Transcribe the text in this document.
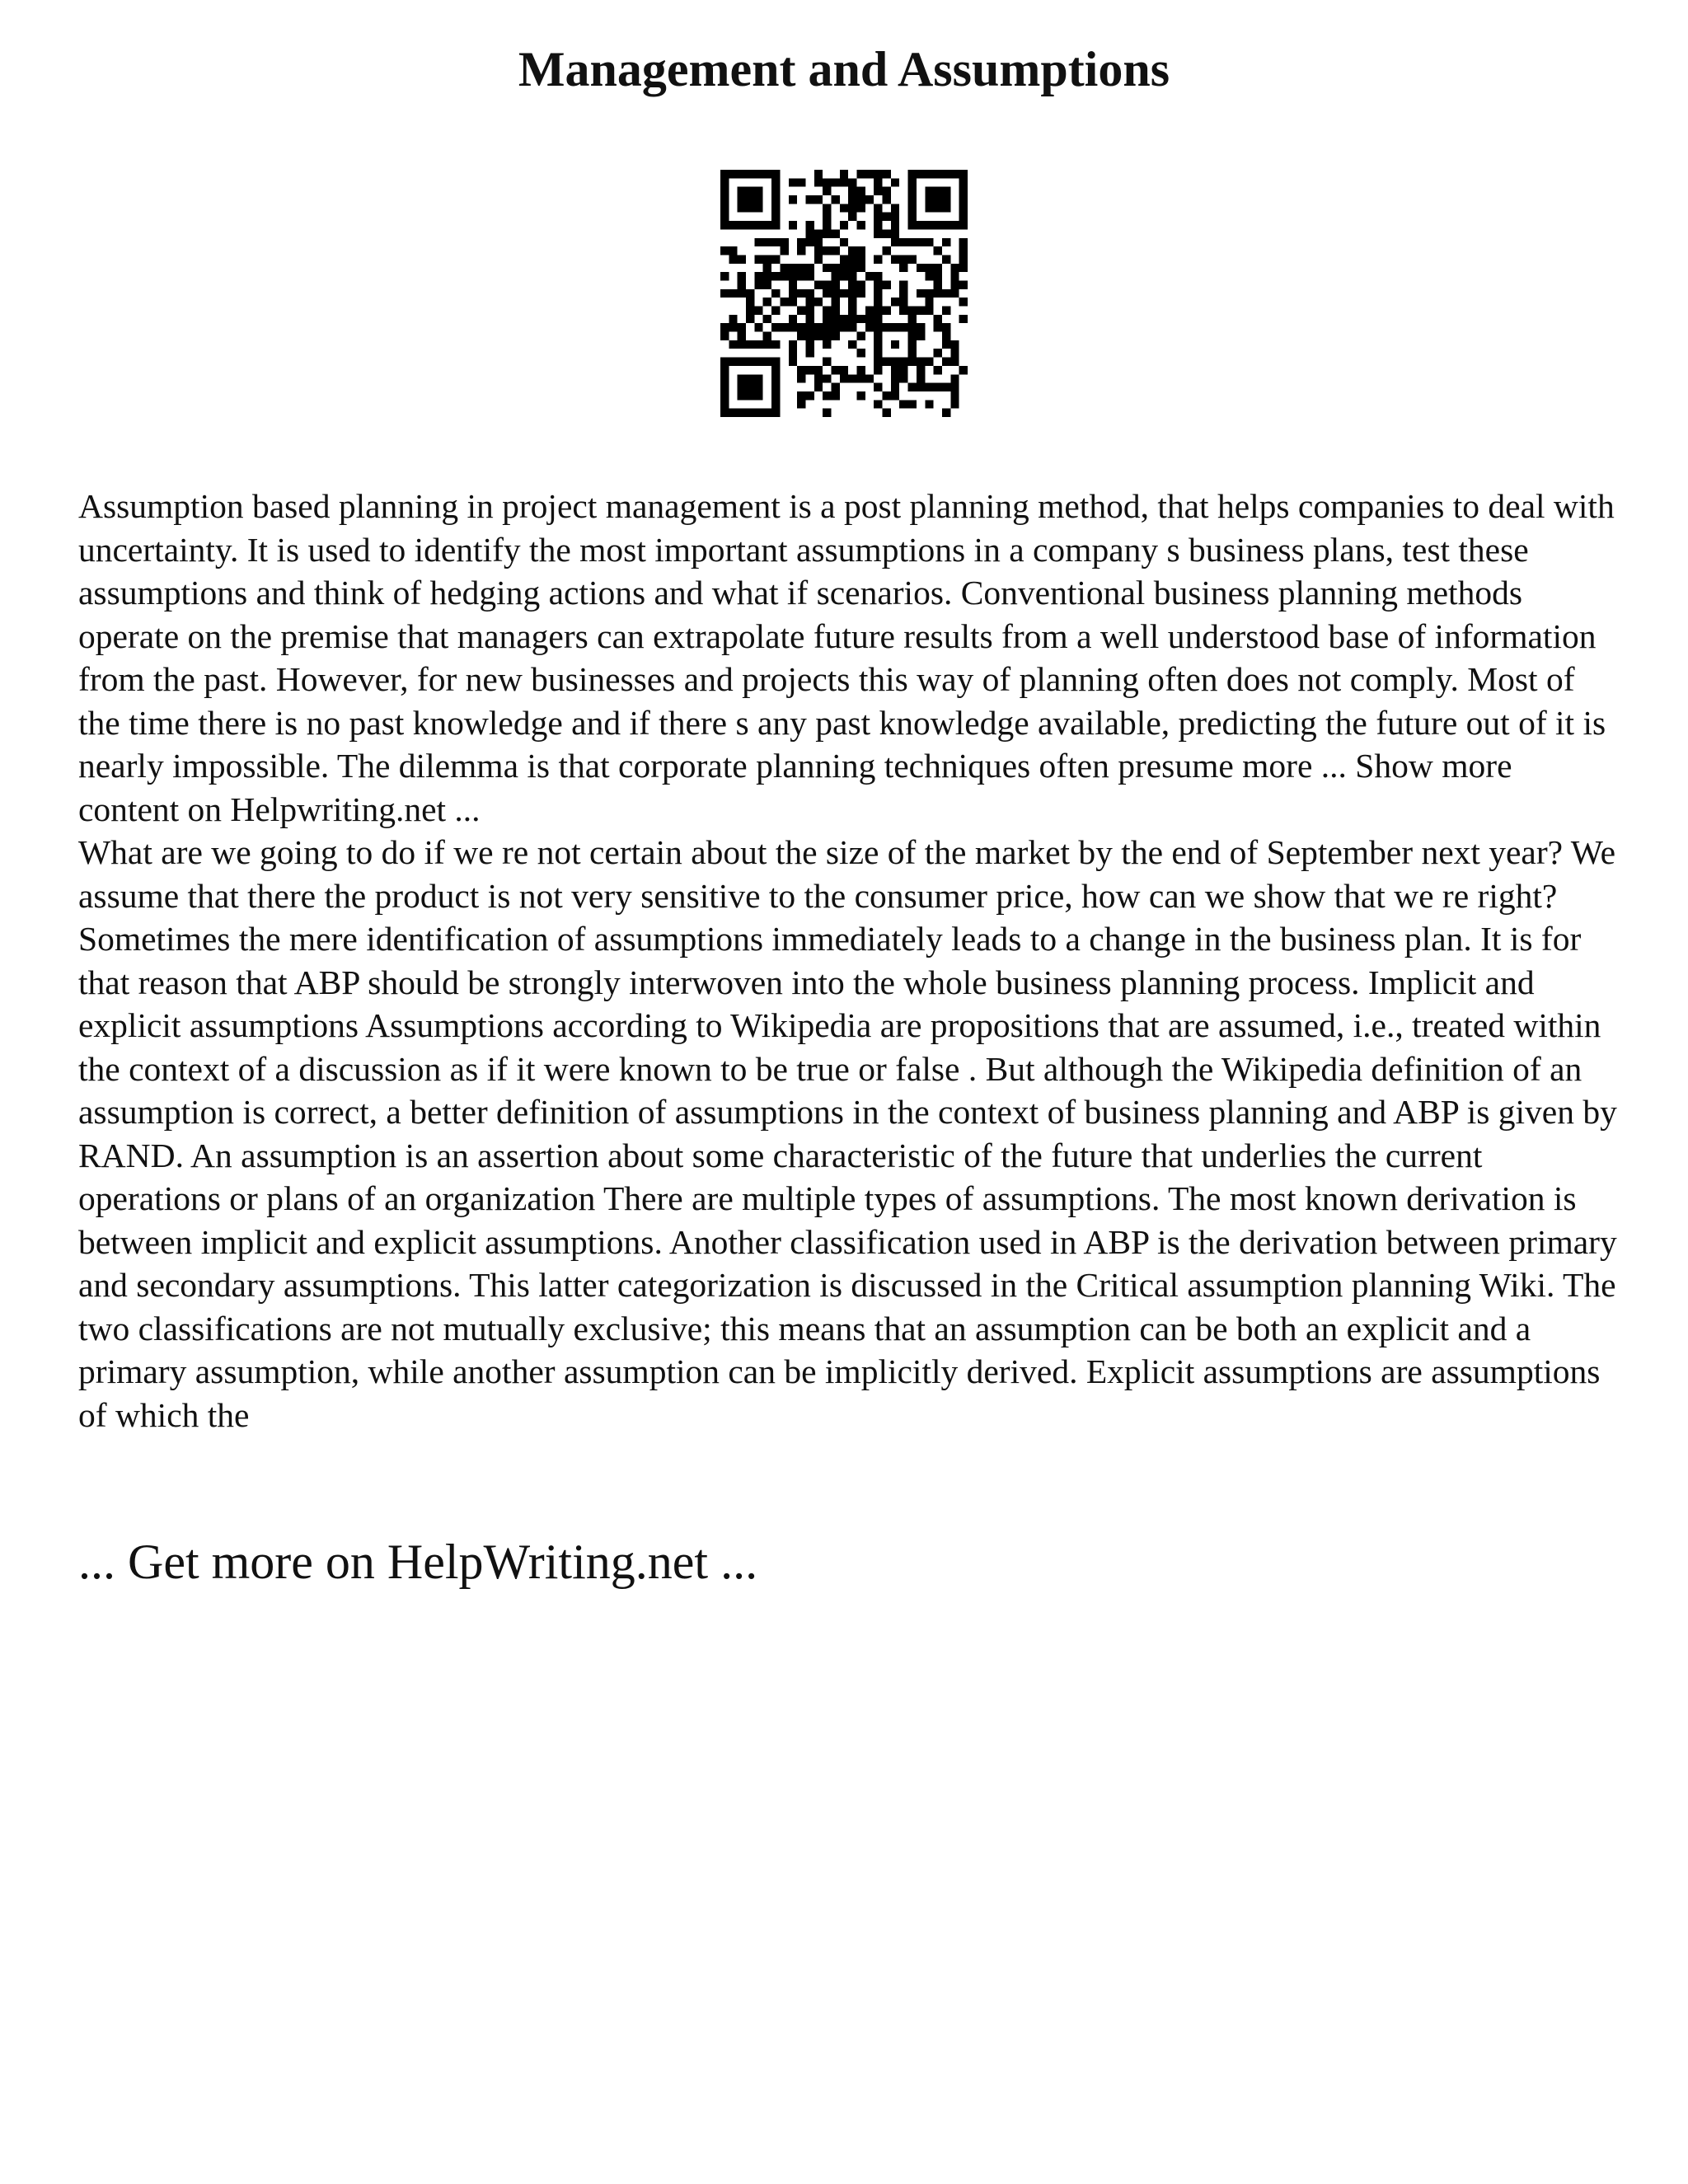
Management and Assumptions

Assumption based planning in project management is a post planning method, that helps companies to deal with uncertainty. It is used to identify the most important assumptions in a company s business plans, test these assumptions and think of hedging actions and what if scenarios. Conventional business planning methods operate on the premise that managers can extrapolate future results from a well understood base of information from the past. However, for new businesses and projects this way of planning often does not comply. Most of the time there is no past knowledge and if there s any past knowledge available, predicting the future out of it is nearly impossible. The dilemma is that corporate planning techniques often presume more ... Show more content on Helpwriting.net ...

What are we going to do if we re not certain about the size of the market by the end of September next year? We assume that there the product is not very sensitive to the consumer price, how can we show that we re right? Sometimes the mere identification of assumptions immediately leads to a change in the business plan. It is for that reason that ABP should be strongly interwoven into the whole business planning process. Implicit and explicit assumptions Assumptions according to Wikipedia are propositions that are assumed, i.e., treated within the context of a discussion as if it were known to be true or false . But although the Wikipedia definition of an assumption is correct, a better definition of assumptions in the context of business planning and ABP is given by RAND. An assumption is an assertion about some characteristic of the future that underlies the current operations or plans of an organization There are multiple types of assumptions. The most known derivation is between implicit and explicit assumptions. Another classification used in ABP is the derivation between primary and secondary assumptions. This latter categorization is discussed in the Critical assumption planning Wiki. The two classifications are not mutually exclusive; this means that an assumption can be both an explicit and a primary assumption, while another assumption can be implicitly derived. Explicit assumptions are assumptions of which the

... Get more on HelpWriting.net ...
